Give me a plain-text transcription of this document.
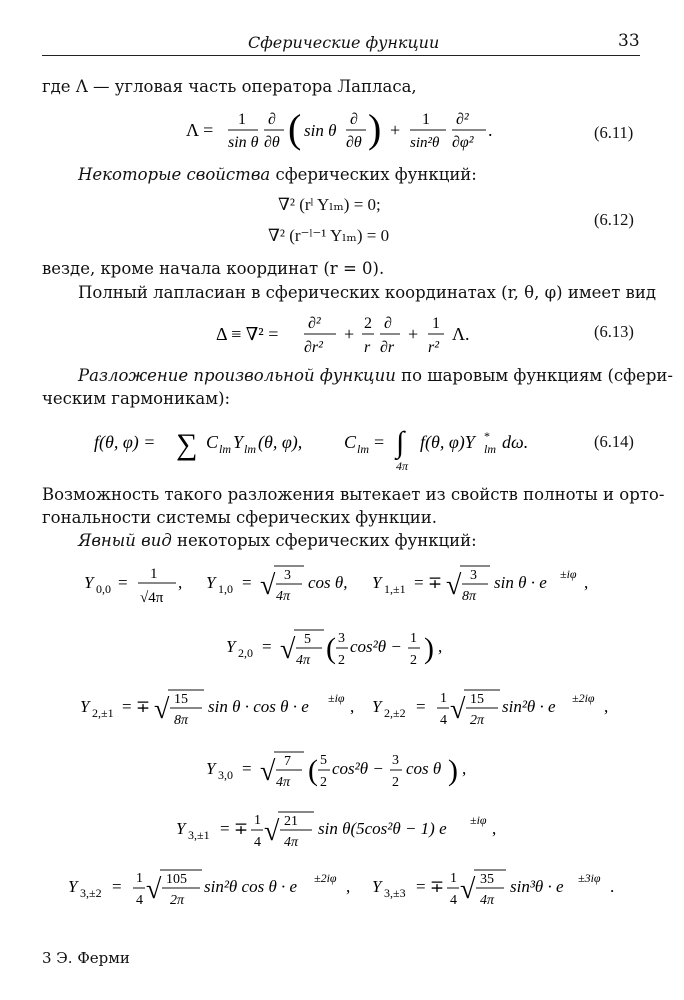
Сферические функции	33
где Λ — угловая часть оператора Лапласа,
Λ =
1
sin θ
∂
∂θ ( sin θ
∂
∂θ ) +
1
sin²θ
∂²
∂φ²
.	(6.11)
Некоторые свойства сферических функций:
∇² (rˡ Yₗₘ) = 0;
∇² (r⁻ˡ⁻¹ Yₗₘ) = 0
(6.12)
везде, кроме начала координат (r = 0).
Полный лапласиан в сферических координатах (r, θ, φ) имеет вид
Δ ≡ ∇² =
∂²
∂r²
+
2
r
∂
∂r
+
1
r²
Λ.	(6.13)
Разложение произвольной функции по шаровым функциям (сфери-
ческим гармоникам):
f(θ, φ) = ∑ C lm Y lm (θ, φ), C lm = ∫
4π
f(θ, φ)Y *
lm dω.	(6.14)
Возможность такого разложения вытекает из свойств полноты и орто-
гональности системы сферических функции.
Явный вид некоторых сферических функций:
Y 0,0 = 1
√4π
, Y 1,0 = √ 3
4π
cos θ, Y 1,±1 = ∓ √ 3
8π
sin θ · e ±iφ ,
Y 2,0 = √ 5
4π ( 3
2
cos²θ − 1
2 ) ,
Y 2,±1 = ∓ √ 15
8π
sin θ · cos θ · e ±iφ , Y 2,±2 = 1
4 √ 15
2π
sin²θ · e ±2iφ ,
Y 3,0 = √ 7
4π ( 5
2
cos²θ − 3
2
cos θ ) ,
Y 3,±1 = ∓ 1
4 √ 21
4π
sin θ(5cos²θ − 1) e ±iφ ,
Y 3,±2 = 1
4 √ 105
2π
sin²θ cos θ · e ±2iφ , Y 3,±3 = ∓ 1
4 √ 35
4π
sin³θ · e ±3iφ .
3 Э. Ферми
